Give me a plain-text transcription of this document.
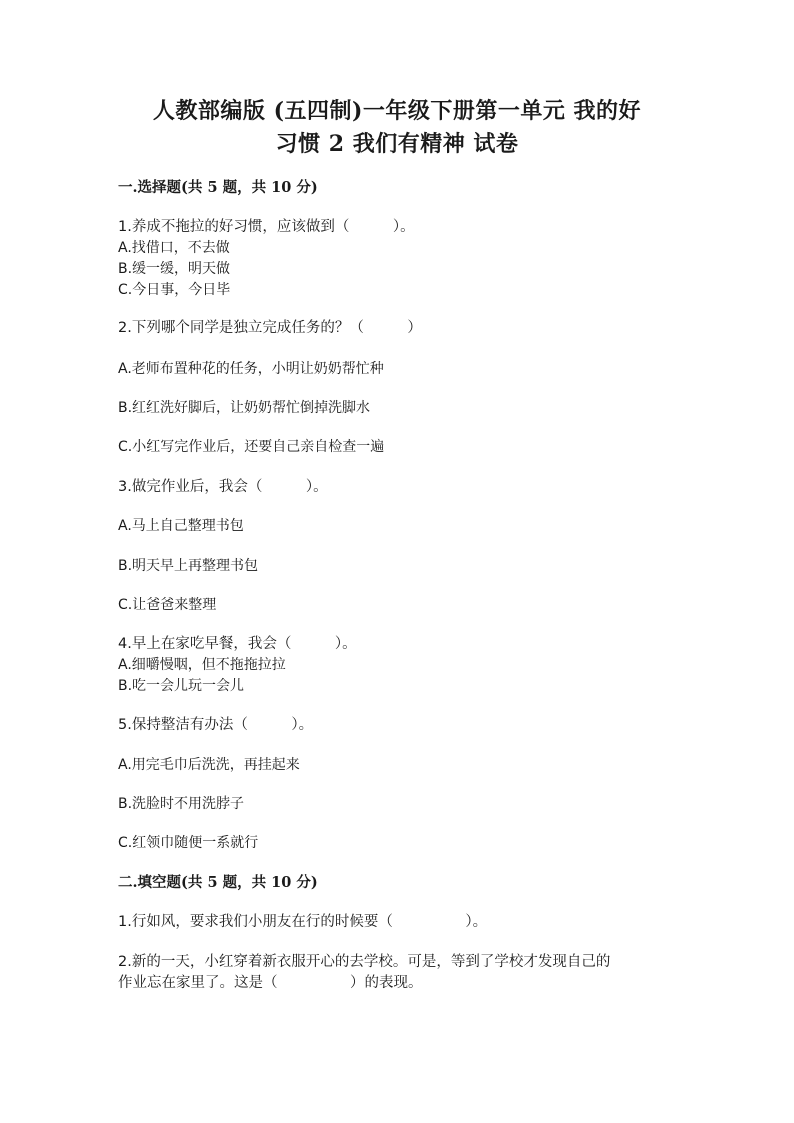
人教部编版 (五四制)一年级下册第一单元 我的好
习惯 2 我们有精神 试卷
一.选择题(共 5 题，共 10 分)
1.养成不拖拉的好习惯，应该做到（　　　）。
A.找借口，不去做
B.缓一缓，明天做
C.今日事，今日毕
2.下列哪个同学是独立完成任务的？（　　　）
A.老师布置种花的任务，小明让奶奶帮忙种
B.红红洗好脚后，让奶奶帮忙倒掉洗脚水
C.小红写完作业后，还要自己亲自检查一遍
3.做完作业后，我会（　　　）。
A.马上自己整理书包
B.明天早上再整理书包
C.让爸爸来整理
4.早上在家吃早餐，我会（　　　）。
A.细嚼慢咽，但不拖拖拉拉
B.吃一会儿玩一会儿
5.保持整洁有办法（　　　）。
A.用完毛巾后洗洗，再挂起来
B.洗脸时不用洗脖子
C.红领巾随便一系就行
二.填空题(共 5 题，共 10 分)
1.行如风，要求我们小朋友在行的时候要（　　　　　）。
2.新的一天，小红穿着新衣服开心的去学校。可是，等到了学校才发现自己的
作业忘在家里了。这是（　　　　　）的表现。
